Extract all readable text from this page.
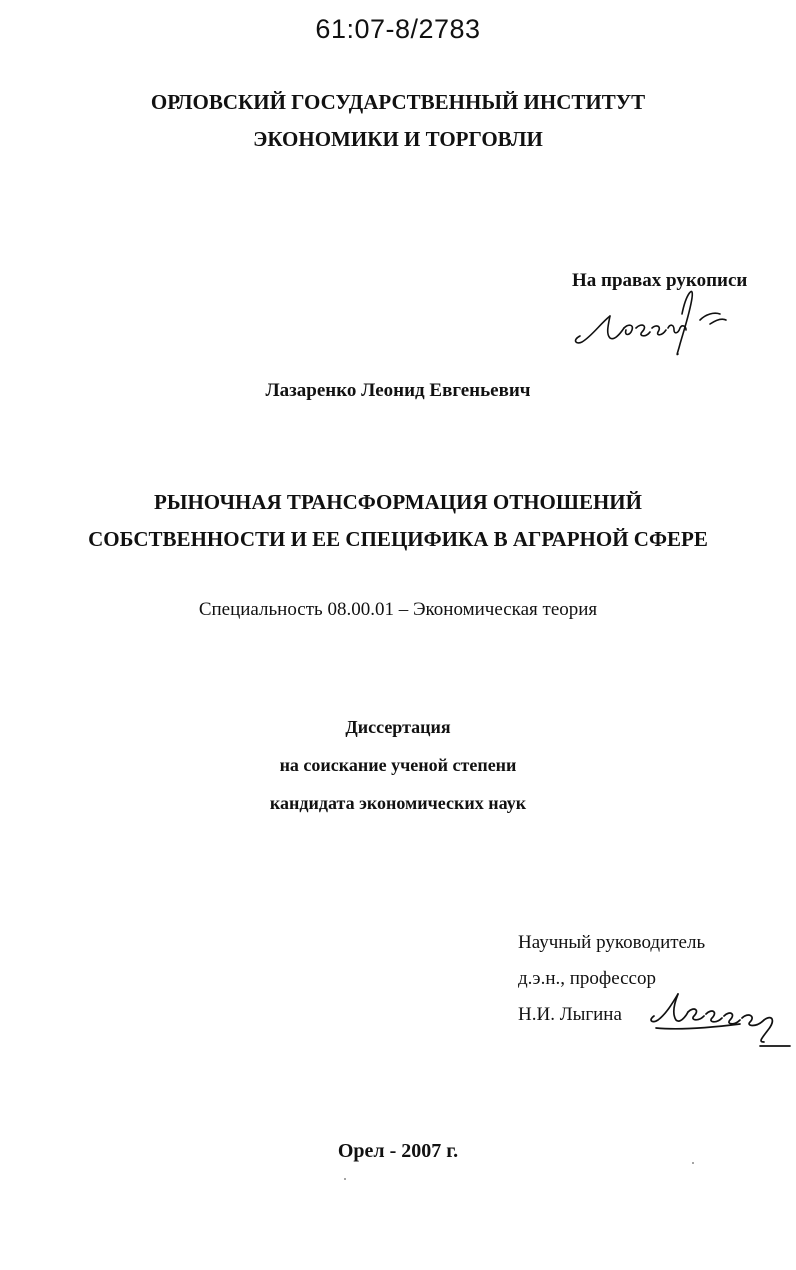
61:07-8/2783
ОРЛОВСКИЙ ГОСУДАРСТВЕННЫЙ ИНСТИТУТ
ЭКОНОМИКИ И ТОРГОВЛИ
На правах рукописи
Лазаренко Леонид Евгеньевич
РЫНОЧНАЯ ТРАНСФОРМАЦИЯ ОТНОШЕНИЙ
СОБСТВЕННОСТИ И ЕЕ СПЕЦИФИКА В АГРАРНОЙ СФЕРЕ
Специальность 08.00.01 – Экономическая теория
Диссертация
на соискание ученой степени
кандидата экономических наук
Научный руководитель
д.э.н., профессор
Н.И. Лыгина
Орел - 2007 г.
